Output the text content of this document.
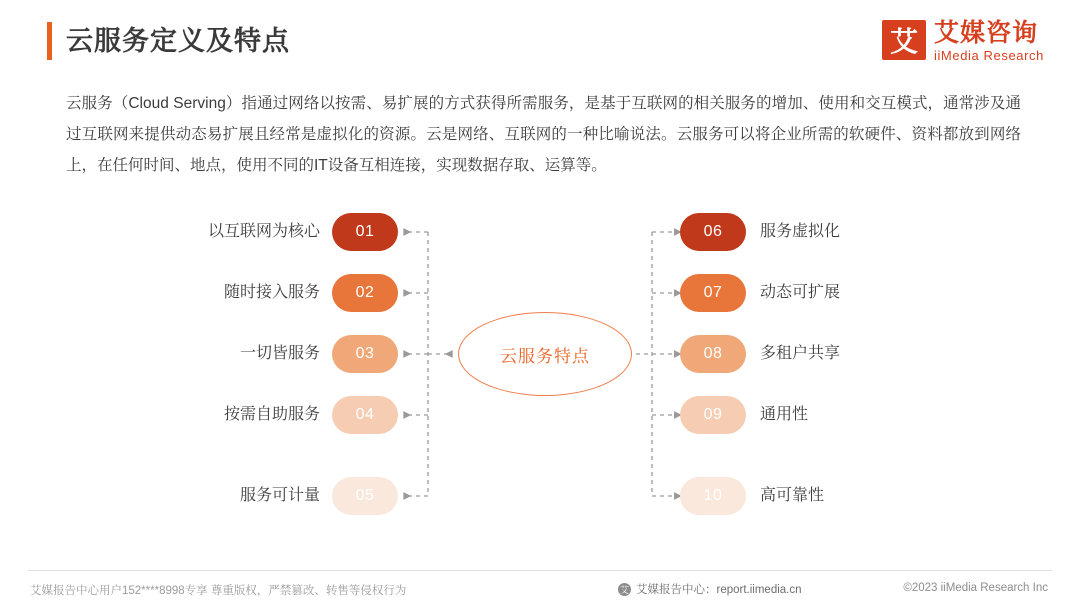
云服务定义及特点	艾 艾媒咨询
iiMedia Research
云服务（Cloud Serving）指通过网络以按需、易扩展的方式获得所需服务，是基于互联网的相关服务的增加、使用和交互模式，通常涉及通过互联网来提供动态易扩展且经常是虚拟化的资源。云是网络、互联网的一种比喻说法。云服务可以将企业所需的软硬件、资料都放到网络上，在任何时间、地点，使用不同的IT设备互相连接，实现数据存取、运算等。
以互联网为核心
随时接入服务
一切皆服务
按需自助服务
服务可计量
01
02
03
04
05
云服务特点
06
07
08
09
10
服务虚拟化
动态可扩展
多租户共享
通用性
高可靠性
艾媒报告中心用户152****8998专享 尊重版权，严禁篡改、转售等侵权行为	艾 艾媒报告中心：report.iimedia.cn	©2023 iiMedia Research Inc
